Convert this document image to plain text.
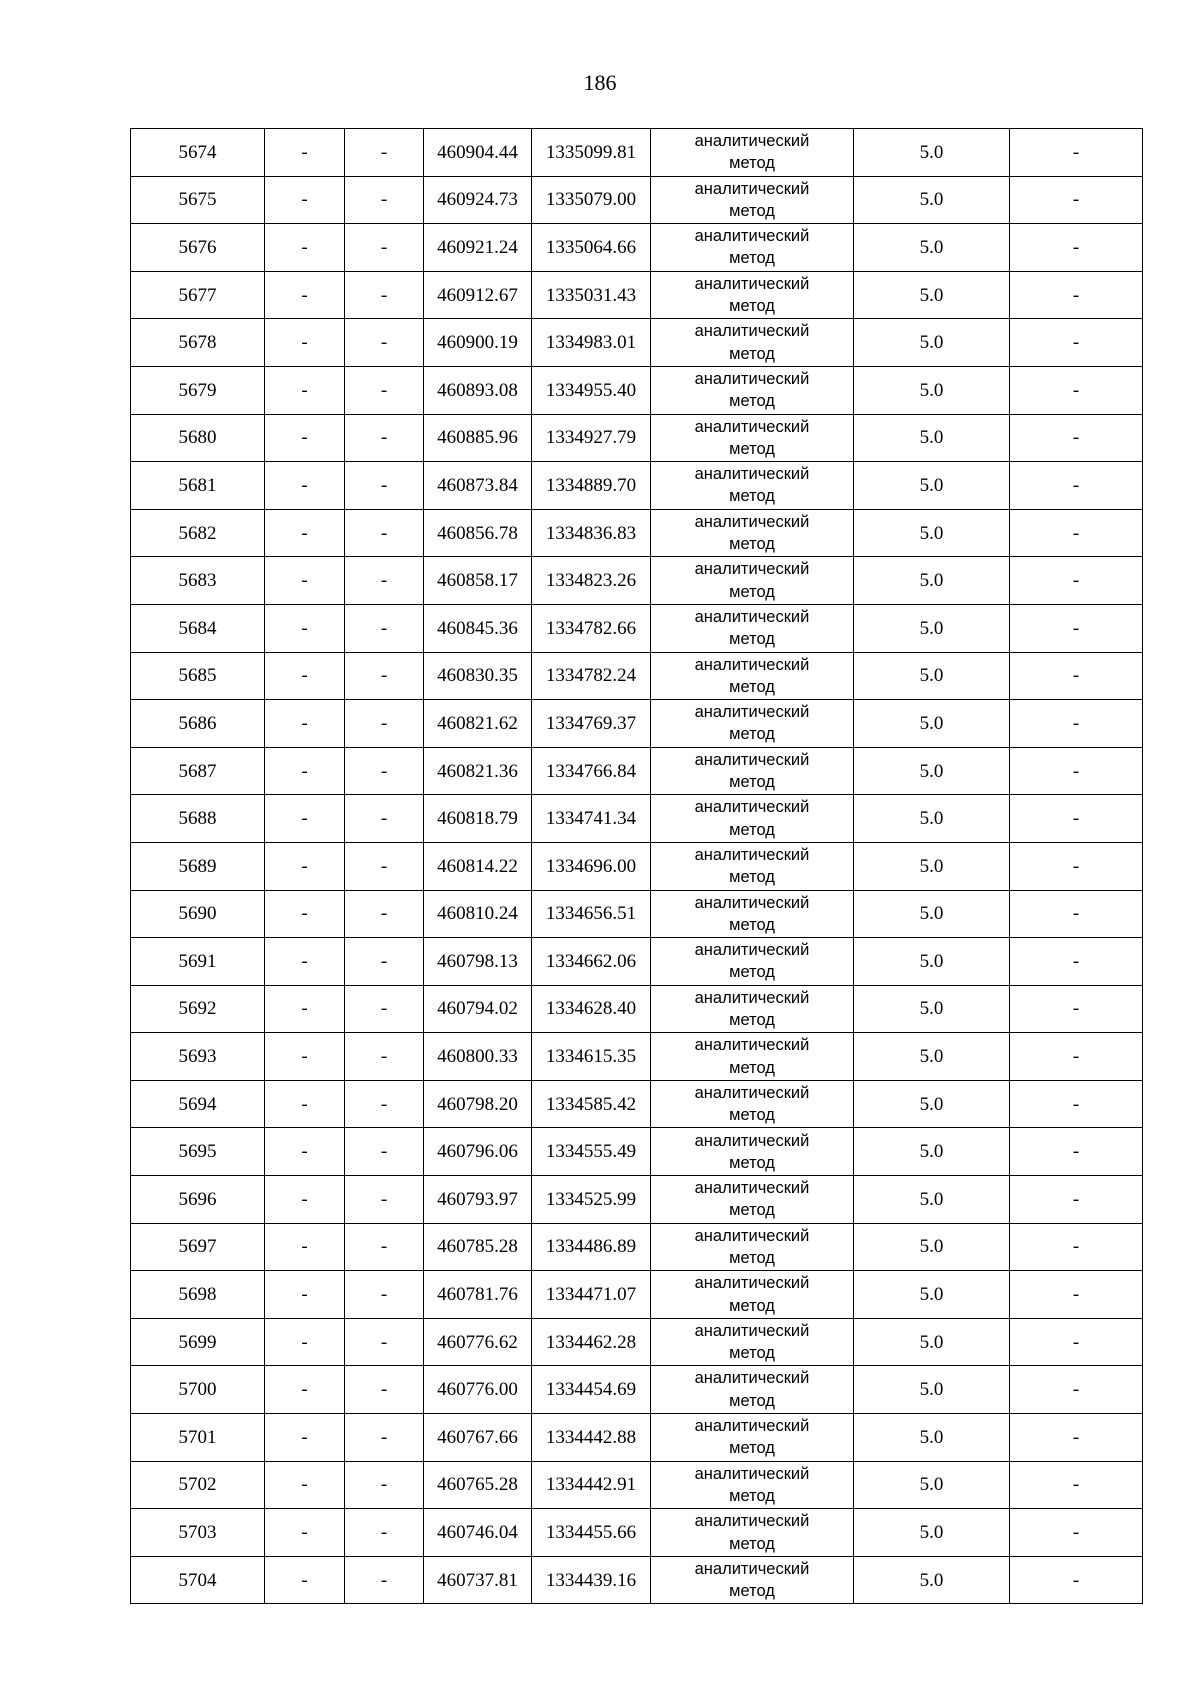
186
5674	-	-	460904.44	1335099.81	аналитический
метод	5.0	-
5675	-	-	460924.73	1335079.00	аналитический
метод	5.0	-
5676	-	-	460921.24	1335064.66	аналитический
метод	5.0	-
5677	-	-	460912.67	1335031.43	аналитический
метод	5.0	-
5678	-	-	460900.19	1334983.01	аналитический
метод	5.0	-
5679	-	-	460893.08	1334955.40	аналитический
метод	5.0	-
5680	-	-	460885.96	1334927.79	аналитический
метод	5.0	-
5681	-	-	460873.84	1334889.70	аналитический
метод	5.0	-
5682	-	-	460856.78	1334836.83	аналитический
метод	5.0	-
5683	-	-	460858.17	1334823.26	аналитический
метод	5.0	-
5684	-	-	460845.36	1334782.66	аналитический
метод	5.0	-
5685	-	-	460830.35	1334782.24	аналитический
метод	5.0	-
5686	-	-	460821.62	1334769.37	аналитический
метод	5.0	-
5687	-	-	460821.36	1334766.84	аналитический
метод	5.0	-
5688	-	-	460818.79	1334741.34	аналитический
метод	5.0	-
5689	-	-	460814.22	1334696.00	аналитический
метод	5.0	-
5690	-	-	460810.24	1334656.51	аналитический
метод	5.0	-
5691	-	-	460798.13	1334662.06	аналитический
метод	5.0	-
5692	-	-	460794.02	1334628.40	аналитический
метод	5.0	-
5693	-	-	460800.33	1334615.35	аналитический
метод	5.0	-
5694	-	-	460798.20	1334585.42	аналитический
метод	5.0	-
5695	-	-	460796.06	1334555.49	аналитический
метод	5.0	-
5696	-	-	460793.97	1334525.99	аналитический
метод	5.0	-
5697	-	-	460785.28	1334486.89	аналитический
метод	5.0	-
5698	-	-	460781.76	1334471.07	аналитический
метод	5.0	-
5699	-	-	460776.62	1334462.28	аналитический
метод	5.0	-
5700	-	-	460776.00	1334454.69	аналитический
метод	5.0	-
5701	-	-	460767.66	1334442.88	аналитический
метод	5.0	-
5702	-	-	460765.28	1334442.91	аналитический
метод	5.0	-
5703	-	-	460746.04	1334455.66	аналитический
метод	5.0	-
5704	-	-	460737.81	1334439.16	аналитический
метод	5.0	-
